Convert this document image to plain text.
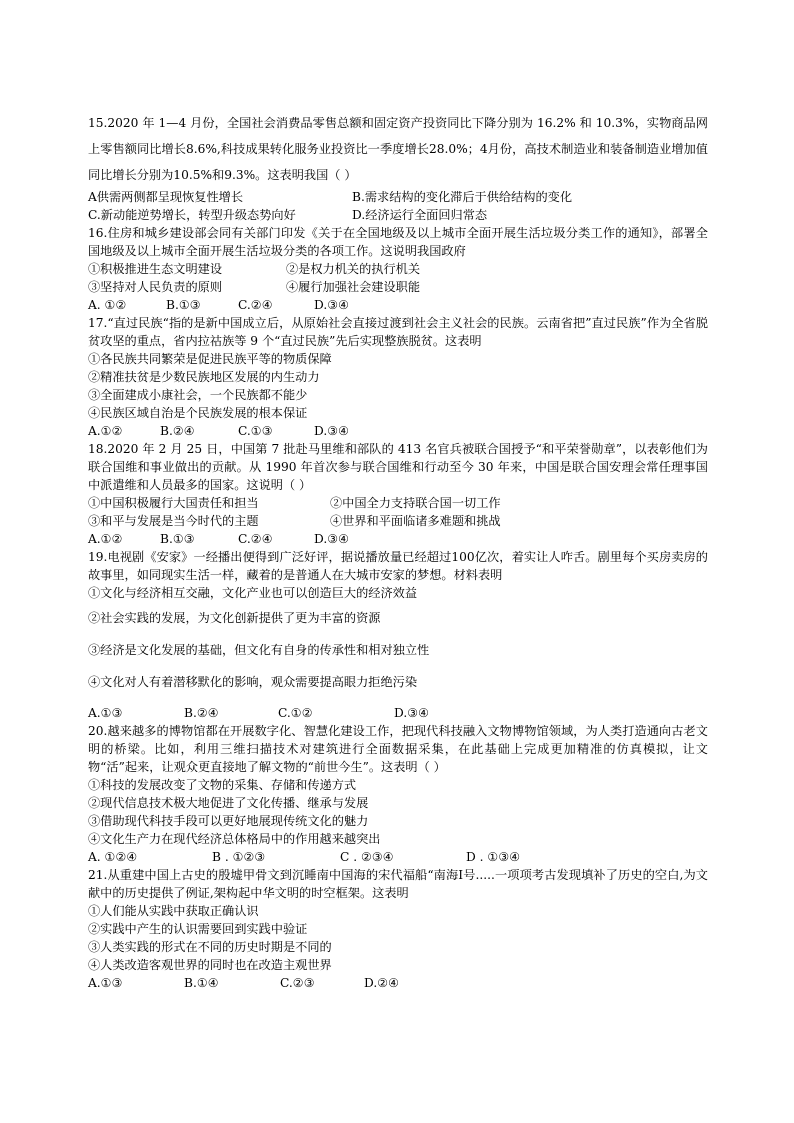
15.2020 年 1—4 月份，全国社会消费品零售总额和固定资产投资同比下降分别为 16.2% 和 10.3%，实物商品网上零售额同比增长8.6%,科技成果转化服务业投资比一季度增长28.0%；4月份，高技术制造业和装备制造业增加值同比增长分别为10.5%和9.3%。这表明我国（ ）

A供需两侧都呈现恢复性增长	B.需求结构的变化滞后于供给结构的变化
C.新动能逆势增长，转型升级态势向好	D.经济运行全面回归常态

16.住房和城乡建设部会同有关部门印发《关于在全国地级及以上城市全面开展生活垃圾分类工作的通知》，部署全国地级及以上城市全面开展生活垃圾分类的各项工作。这说明我国政府

①积极推进生态文明建设	②是权力机关的执行机关
③坚持对人民负责的原则	④履行加强社会建设职能
A. ①②	B.①③	C.②④	D.③④

17.“直过民族“指的是新中国成立后，从原始社会直接过渡到社会主义社会的民族。云南省把”直过民族”作为全省脱贫攻坚的重点，省内拉祜族等 9 个“直过民族”先后实现整族脱贫。这表明

①各民族共同繁荣是促进民族平等的物质保障

②精准扶贫是少数民族地区发展的内生动力

③全面建成小康社会，一个民族都不能少

④民族区域自治是个民族发展的根本保证

A.①②	B.②④	C.①③	D.③④

18.2020 年 2 月 25 日，中国第 7 批赴马里维和部队的 413 名官兵被联合国授予“和平荣誉勋章”，以表彰他们为联合国维和事业做出的贡献。从 1990 年首次参与联合国维和行动至今 30 年来，中国是联合国安理会常任理事国中派遣维和人员最多的国家。这说明（ ）

①中国积极履行大国责任和担当	②中国全力支持联合国一切工作
③和平与发展是当今时代的主题	④世界和平面临诸多难题和挑战
A.①②	B.①③	C.②④	D.③④

19.电视剧《安家》一经播出便得到广泛好评，据说播放量已经超过100亿次，着实让人咋舌。剧里每个买房卖房的故事里，如同现实生活一样，藏着的是普通人在大城市安家的梦想。材料表明

①文化与经济相互交融，文化产业也可以创造巨大的经济效益

②社会实践的发展，为文化创新提供了更为丰富的资源

③经济是文化发展的基础，但文化有自身的传承性和相对独立性

④文化对人有着潜移默化的影响，观众需要提高眼力拒绝污染

A.①③	B.②④	C.①②	D.③④

20.越来越多的博物馆都在开展数字化、智慧化建设工作，把现代科技融入文物博物馆领域，为人类打造通向古老文明的桥梁。比如，利用三维扫描技术对建筑进行全面数据采集，在此基础上完成更加精准的仿真模拟，让文物“活”起来，让观众更直接地了解文物的“前世今生”。这表明（ ）

①科技的发展改变了文物的采集、存储和传递方式

②现代信息技术极大地促进了文化传播、继承与发展

③借助现代科技手段可以更好地展现传统文化的魅力

④文化生产力在现代经济总体格局中的作用越来越突出

A. ①②④	B . ①②③	C . ②③④	D . ①③④

21.从重建中国上古史的殷墟甲骨文到沉睡南中国海的宋代福船“南海Ⅰ号.....一项项考古发现填补了历史的空白,为文献中的历史提供了例证,架构起中华文明的时空框架。这表明

①人们能从实践中获取正确认识

②实践中产生的认识需要回到实践中验证

③人类实践的形式在不同的历史时期是不同的

④人类改造客观世界的同时也在改造主观世界

A.①③	B.①④	C.②③	D.②④
